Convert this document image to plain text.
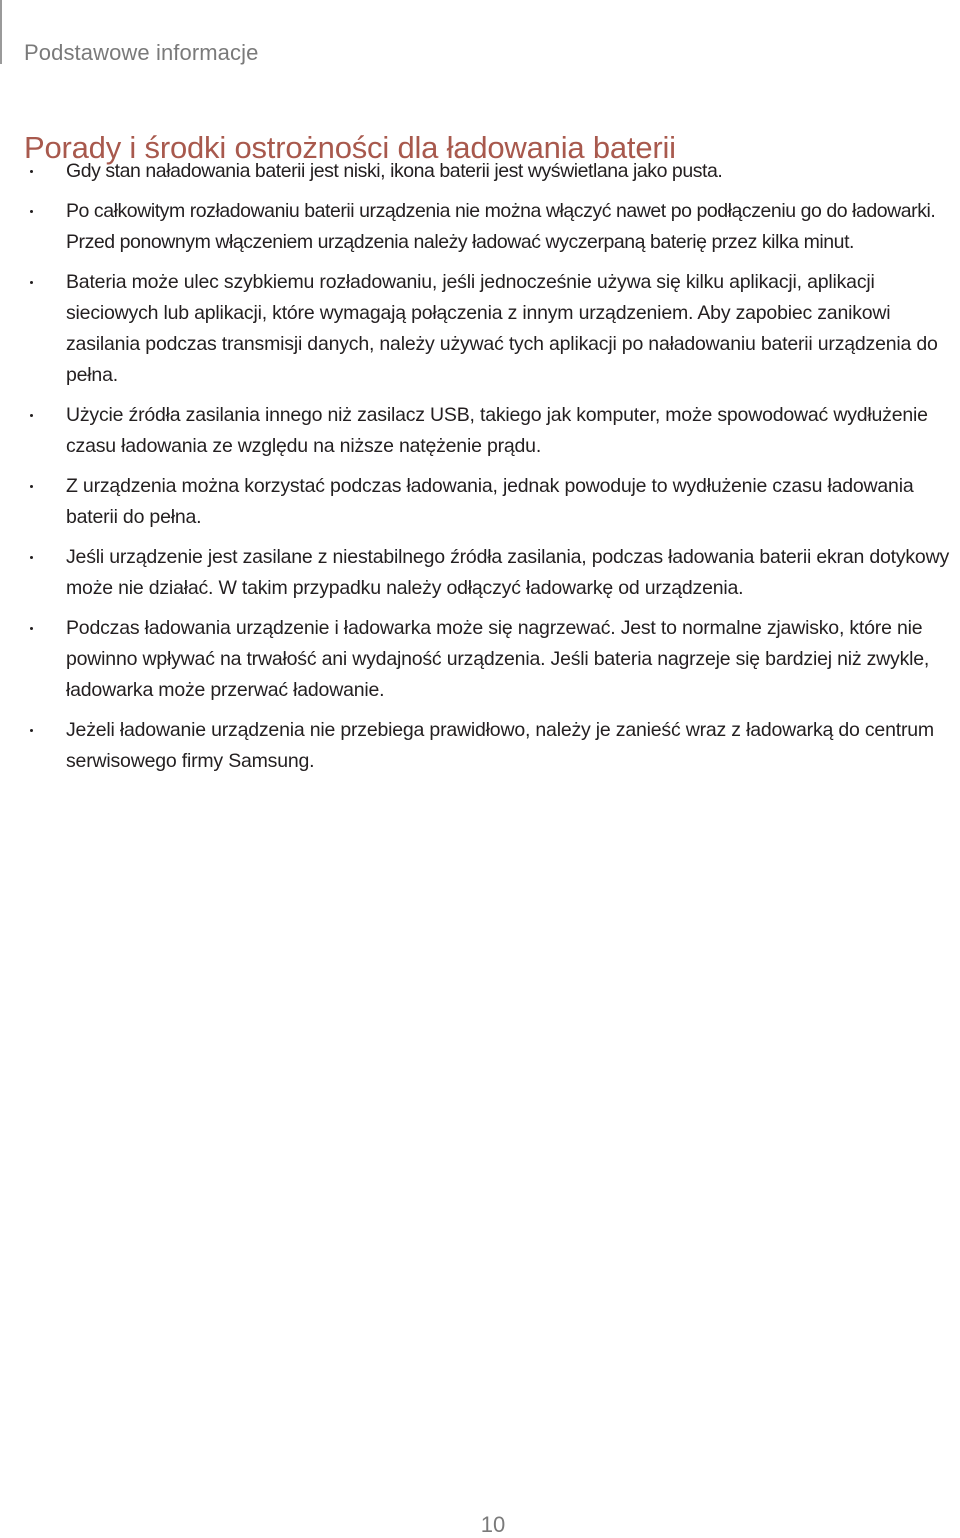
Podstawowe informacje
Porady i środki ostrożności dla ładowania baterii
Gdy stan naładowania baterii jest niski, ikona baterii jest wyświetlana jako pusta.
Po całkowitym rozładowaniu baterii urządzenia nie można włączyć nawet po podłączeniu go do ładowarki. Przed ponownym włączeniem urządzenia należy ładować wyczerpaną baterię przez kilka minut.
Bateria może ulec szybkiemu rozładowaniu, jeśli jednocześnie używa się kilku aplikacji, aplikacji sieciowych lub aplikacji, które wymagają połączenia z innym urządzeniem. Aby zapobiec zanikowi zasilania podczas transmisji danych, należy używać tych aplikacji po naładowaniu baterii urządzenia do pełna.
Użycie źródła zasilania innego niż zasilacz USB, takiego jak komputer, może spowodować wydłużenie czasu ładowania ze względu na niższe natężenie prądu.
Z urządzenia można korzystać podczas ładowania, jednak powoduje to wydłużenie czasu ładowania baterii do pełna.
Jeśli urządzenie jest zasilane z niestabilnego źródła zasilania, podczas ładowania baterii ekran dotykowy może nie działać. W takim przypadku należy odłączyć ładowarkę od urządzenia.
Podczas ładowania urządzenie i ładowarka może się nagrzewać. Jest to normalne zjawisko, które nie powinno wpływać na trwałość ani wydajność urządzenia. Jeśli bateria nagrzeje się bardziej niż zwykle, ładowarka może przerwać ładowanie.
Jeżeli ładowanie urządzenia nie przebiega prawidłowo, należy je zanieść wraz z ładowarką do centrum serwisowego firmy Samsung.
10
